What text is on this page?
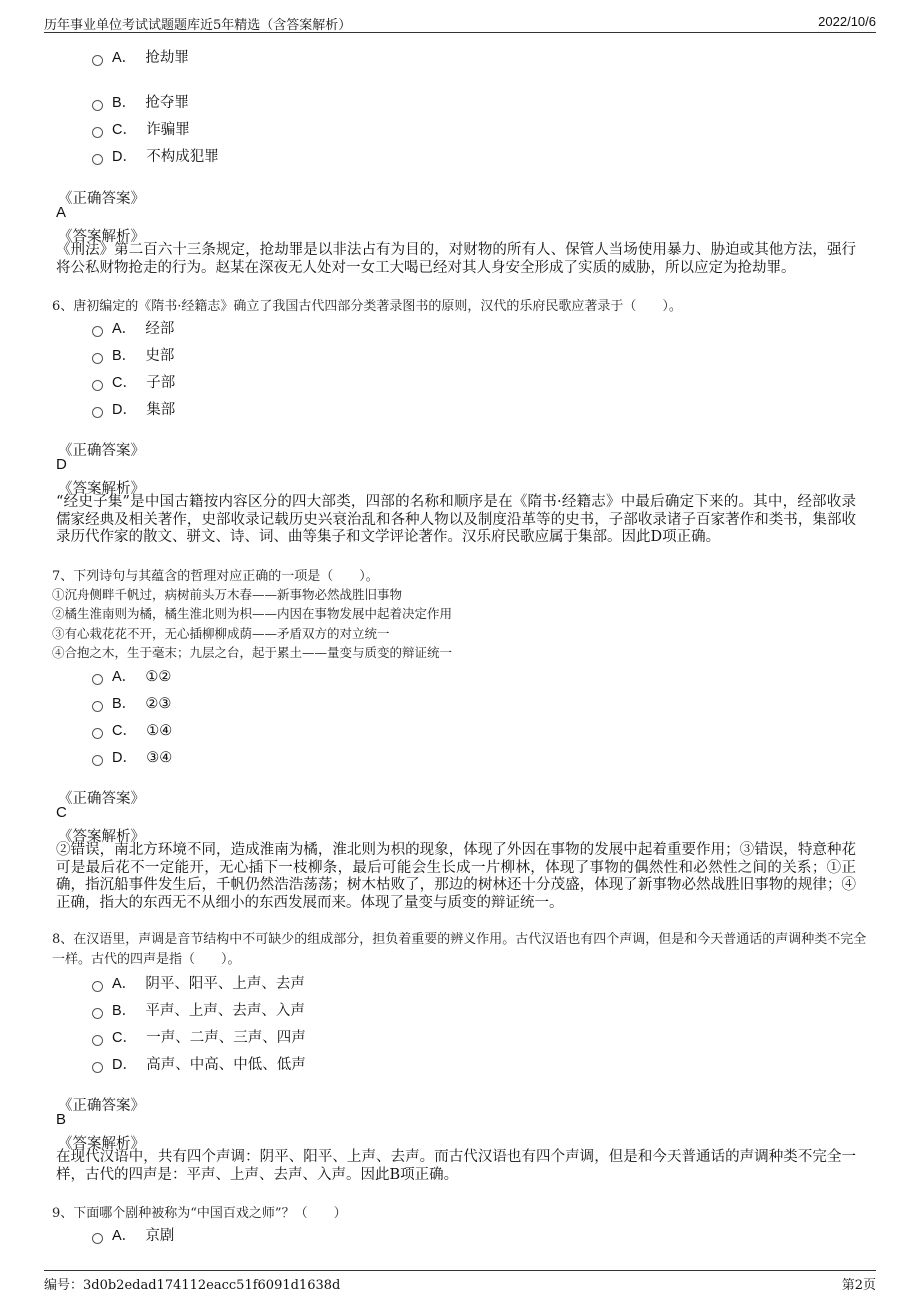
历年事业单位考试试题题库近5年精选（含答案解析）	2022/10/6
A． 抢劫罪
B． 抢夺罪
C． 诈骗罪
D． 不构成犯罪
《正确答案》
A
《答案解析》
《刑法》第二百六十三条规定，抢劫罪是以非法占有为目的，对财物的所有人、保管人当场使用暴力、胁迫或其他方法，强行将公私财物抢走的行为。赵某在深夜无人处对一女工大喝已经对其人身安全形成了实质的威胁，所以应定为抢劫罪。
6、唐初编定的《隋书·经籍志》确立了我国古代四部分类著录图书的原则，汉代的乐府民歌应著录于（　　）。
A． 经部
B． 史部
C． 子部
D． 集部
《正确答案》
D
《答案解析》
“经史子集”是中国古籍按内容区分的四大部类，四部的名称和顺序是在《隋书·经籍志》中最后确定下来的。其中，经部收录儒家经典及相关著作，史部收录记载历史兴衰治乱和各种人物以及制度沿革等的史书，子部收录诸子百家著作和类书，集部收录历代作家的散文、骈文、诗、词、曲等集子和文学评论著作。汉乐府民歌应属于集部。因此D项正确。
7、下列诗句与其蕴含的哲理对应正确的一项是（　　）。
①沉舟侧畔千帆过，病树前头万木春——新事物必然战胜旧事物
②橘生淮南则为橘，橘生淮北则为枳——内因在事物发展中起着决定作用
③有心栽花花不开，无心插柳柳成荫——矛盾双方的对立统一
④合抱之木，生于毫末；九层之台，起于累土——量变与质变的辩证统一
A． ①②
B． ②③
C． ①④
D． ③④
《正确答案》
C
《答案解析》
②错误，南北方环境不同，造成淮南为橘，淮北则为枳的现象，体现了外因在事物的发展中起着重要作用；③错误，特意种花可是最后花不一定能开，无心插下一枝柳条，最后可能会生长成一片柳林，体现了事物的偶然性和必然性之间的关系；①正确，指沉船事件发生后，千帆仍然浩浩荡荡；树木枯败了，那边的树林还十分茂盛，体现了新事物必然战胜旧事物的规律；④正确，指大的东西无不从细小的东西发展而来。体现了量变与质变的辩证统一。
8、在汉语里，声调是音节结构中不可缺少的组成部分，担负着重要的辨义作用。古代汉语也有四个声调，但是和今天普通话的声调种类不完全一样。古代的四声是指（　　）。
A． 阴平、阳平、上声、去声
B． 平声、上声、去声、入声
C． 一声、二声、三声、四声
D． 高声、中高、中低、低声
《正确答案》
B
《答案解析》
在现代汉语中，共有四个声调：阴平、阳平、上声、去声。而古代汉语也有四个声调，但是和今天普通话的声调种类不完全一样，古代的四声是：平声、上声、去声、入声。因此B项正确。
9、下面哪个剧种被称为“中国百戏之师”？（　　）
A． 京剧
编号：3d0b2edad174112eacc51f6091d1638d	第2页
